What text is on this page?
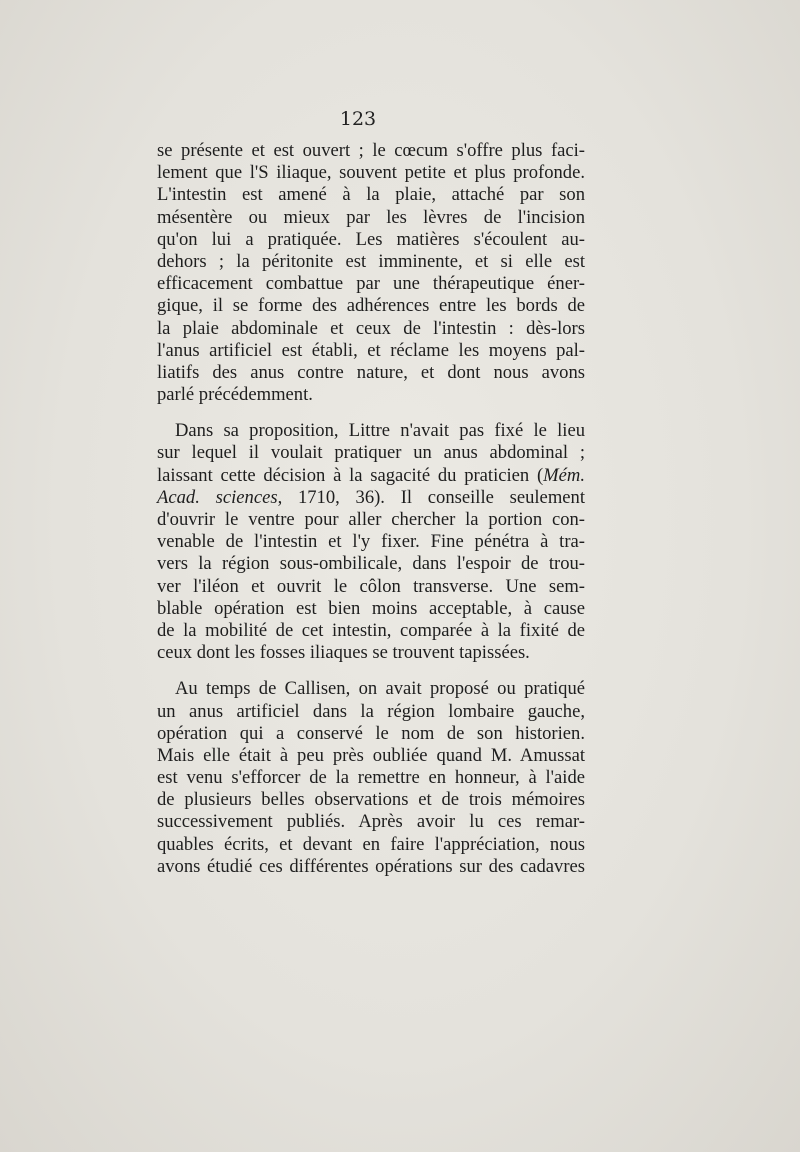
123
se présente et est ouvert ; le cœcum s'offre plus faci-
lement que l'S iliaque, souvent petite et plus profonde.
L'intestin est amené à la plaie, attaché par son
mésentère ou mieux par les lèvres de l'incision
qu'on lui a pratiquée. Les matières s'écoulent au-
dehors ; la péritonite est imminente, et si elle est
efficacement combattue par une thérapeutique éner-
gique, il se forme des adhérences entre les bords de
la plaie abdominale et ceux de l'intestin : dès-lors
l'anus artificiel est établi, et réclame les moyens pal-
liatifs des anus contre nature, et dont nous avons
parlé précédemment.
Dans sa proposition, Littre n'avait pas fixé le lieu
sur lequel il voulait pratiquer un anus abdominal ;
laissant cette décision à la sagacité du praticien (Mém.
Acad. sciences, 1710, 36). Il conseille seulement
d'ouvrir le ventre pour aller chercher la portion con-
venable de l'intestin et l'y fixer. Fine pénétra à tra-
vers la région sous-ombilicale, dans l'espoir de trou-
ver l'iléon et ouvrit le côlon transverse. Une sem-
blable opération est bien moins acceptable, à cause
de la mobilité de cet intestin, comparée à la fixité de
ceux dont les fosses iliaques se trouvent tapissées.
Au temps de Callisen, on avait proposé ou pratiqué
un anus artificiel dans la région lombaire gauche,
opération qui a conservé le nom de son historien.
Mais elle était à peu près oubliée quand M. Amussat
est venu s'efforcer de la remettre en honneur, à l'aide
de plusieurs belles observations et de trois mémoires
successivement publiés. Après avoir lu ces remar-
quables écrits, et devant en faire l'appréciation, nous
avons étudié ces différentes opérations sur des cadavres
